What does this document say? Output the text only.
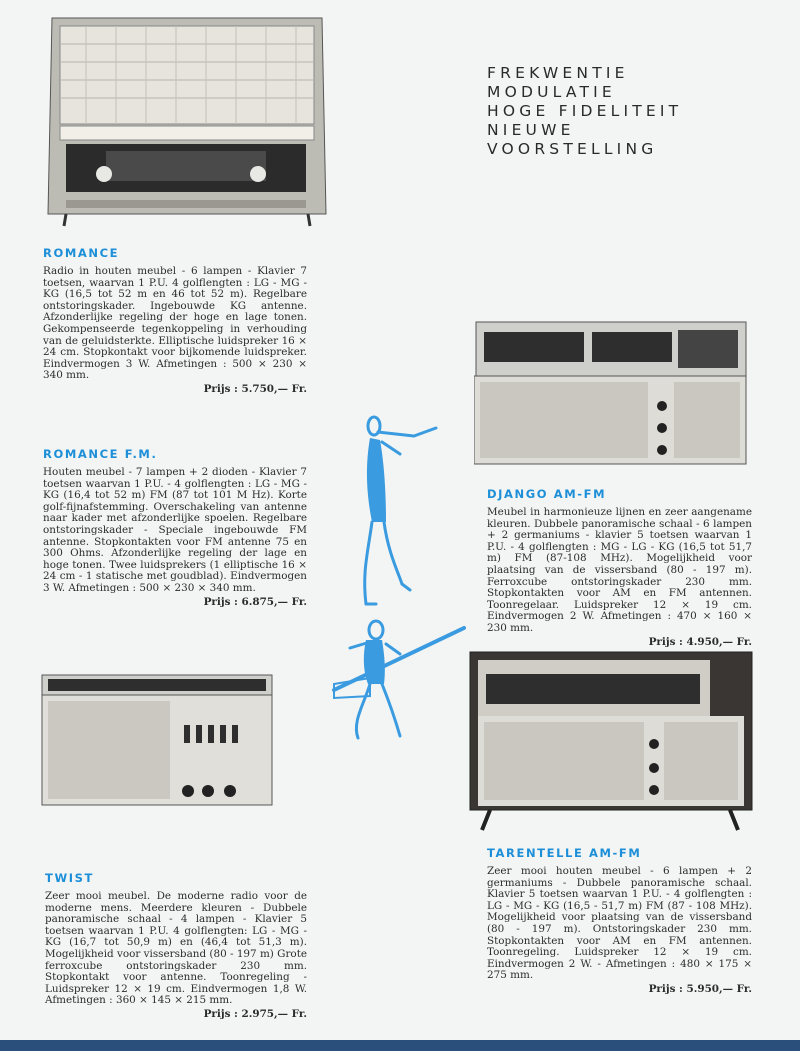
FREKWENTIE
MODULATIE
HOGE FIDELITEIT
NIEUWE
VOORSTELLING
ROMANCE
Radio in houten meubel - 6 lampen - Klavier 7 toetsen, waarvan 1 P.U. 4 golflengten : LG - MG - KG (16,5 tot 52 m en 46 tot 52 m). Regelbare ontstoringskader. Ingebouwde KG antenne. Afzonderlijke regeling der hoge en lage tonen. Gekompenseerde tegenkoppeling in verhouding van de geluidsterkte. Elliptische luidspreker 16 × 24 cm. Stopkontakt voor bijkomende luidspreker. Eindvermogen 3 W. Afmetingen : 500 × 230 × 340 mm.
Prijs : 5.750,— Fr.
ROMANCE F.M.
Houten meubel - 7 lampen + 2 dioden - Klavier 7 toetsen waarvan 1 P.U. - 4 golflengten : LG - MG - KG (16,4 tot 52 m) FM (87 tot 101 M Hz). Korte golf-fijnafstemming. Overschakeling van antenne naar kader met afzonderlijke spoelen. Regelbare ontstoringskader - Speciale ingebouwde FM antenne. Stopkontakten voor FM antenne 75 en 300 Ohms. Afzonderlijke regeling der lage en hoge tonen. Twee luidsprekers (1 elliptische 16 × 24 cm - 1 statische met goudblad). Eindvermogen 3 W. Afmetingen : 500 × 230 × 340 mm.
Prijs : 6.875,— Fr.
TWIST
Zeer mooi meubel. De moderne radio voor de moderne mens. Meerdere kleuren - Dubbele panoramische schaal - 4 lampen - Klavier 5 toetsen waarvan 1 P.U. 4 golflengten: LG - MG - KG (16,7 tot 50,9 m) en (46,4 tot 51,3 m). Mogelijkheid voor vissersband (80 - 197 m) Grote ferroxcube ontstoringskader 230 mm. Stopkontakt voor antenne. Toonregeling - Luidspreker 12 × 19 cm. Eindvermogen 1,8 W. Afmetingen : 360 × 145 × 215 mm.
Prijs : 2.975,— Fr.
DJANGO AM-FM
Meubel in harmonieuze lijnen en zeer aangename kleuren. Dubbele panoramische schaal - 6 lampen + 2 germaniums - klavier 5 toetsen waarvan 1 P.U. - 4 golflengten : MG - LG - KG (16,5 tot 51,7 m) FM (87-108 MHz). Mogelijkheid voor plaatsing van de vissersband (80 - 197 m). Ferroxcube ontstoringskader 230 mm. Stopkontakten voor AM en FM antennen. Toonregelaar. Luidspreker 12 × 19 cm. Eindvermogen 2 W. Afmetingen : 470 × 160 × 230 mm.
Prijs : 4.950,— Fr.
TARENTELLE AM-FM
Zeer mooi houten meubel - 6 lampen + 2 germaniums - Dubbele panoramische schaal. Klavier 5 toetsen waarvan 1 P.U. - 4 golflengten : LG - MG - KG (16,5 - 51,7 m) FM (87 - 108 MHz). Mogelijkheid voor plaatsing van de vissersband (80 - 197 m). Ontstoringskader 230 mm. Stopkontakten voor AM en FM antennen. Toonregeling. Luidspreker 12 × 19 cm. Eindvermogen 2 W. - Afmetingen : 480 × 175 × 275 mm.
Prijs : 5.950,— Fr.
